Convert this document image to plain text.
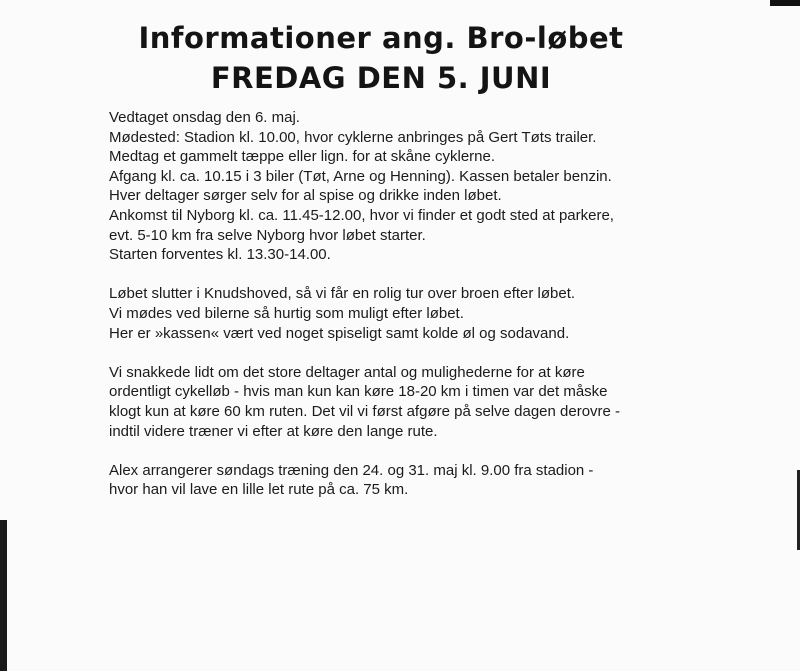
Informationer ang. Bro-løbet
FREDAG DEN 5. JUNI

Vedtaget onsdag den 6. maj.
Mødested: Stadion kl. 10.00, hvor cyklerne anbringes på Gert Tøts trailer.
Medtag et gammelt tæppe eller lign. for at skåne cyklerne.
Afgang kl. ca. 10.15 i 3 biler (Tøt, Arne og Henning). Kassen betaler benzin.
Hver deltager sørger selv for al spise og drikke inden løbet.
Ankomst til Nyborg kl. ca. 11.45-12.00, hvor vi finder et godt sted at parkere,
evt. 5-10 km fra selve Nyborg hvor løbet starter.
Starten forventes kl. 13.30-14.00.

Løbet slutter i Knudshoved, så vi får en rolig tur over broen efter løbet.
Vi mødes ved bilerne så hurtig som muligt efter løbet.
Her er »kassen« vært ved noget spiseligt samt kolde øl og sodavand.

Vi snakkede lidt om det store deltager antal og mulighederne for at køre
ordentligt cykelløb - hvis man kun kan køre 18-20 km i timen var det måske
klogt kun at køre 60 km ruten. Det vil vi først afgøre på selve dagen derovre -
indtil videre træner vi efter at køre den lange rute.

Alex arrangerer søndags træning den 24. og 31. maj kl. 9.00 fra stadion -
hvor han vil lave en lille let rute på ca. 75 km.
